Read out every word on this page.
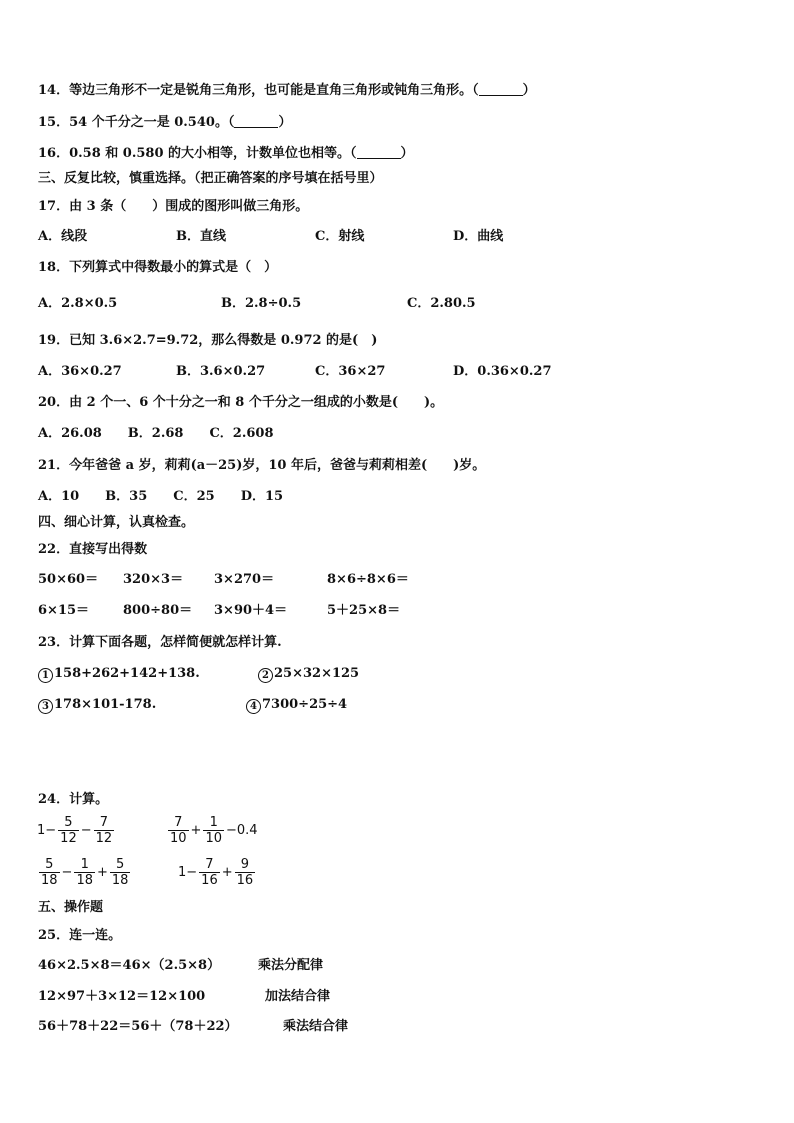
14．等边三角形不一定是锐角三角形，也可能是直角三角形或钝角三角形。（	）
15．54 个千分之一是 0.540。（	）
16．0.58 和 0.580 的大小相等，计数单位也相等。（	）
三、反复比较，慎重选择。（把正确答案的序号填在括号里）
17．由 3 条（　　）围成的图形叫做三角形。
A．线段	B．直线	C．射线	D．曲线
18．下列算式中得数最小的算式是（　）
A．2.8×0.5	B．2.8÷0.5	C．2.80.5
19．已知 3.6×2.7=9.72，那么得数是 0.972 的是(　)
A．36×0.27	B．3.6×0.27	C．36×27	D．0.36×0.27
20．由 2 个一、6 个十分之一和 8 个千分之一组成的小数是(　　)。
A．26.08　　B．2.68　　C．2.608
21．今年爸爸 a 岁，莉莉(a－25)岁，10 年后，爸爸与莉莉相差(　　)岁。
A．10　　B．35　　C．25　　D．15
四、细心计算，认真检查。
22．直接写出得数
50×60＝ 320×3＝ 3×270＝	8×6÷8×6＝
6×15＝	800÷80＝ 3×90＋4＝	5＋25×8＝
23．计算下面各题，怎样简便就怎样计算.
1 158+262+142+138.	2 25×32×125
3 178×101-178.	4 7300÷25÷4
24．计算。
$1- \frac{5}{12} - \frac{7}{12}$	$\frac{7}{10} + \frac{1}{10} -0.4$
$\frac{5}{18} - \frac{1}{18} + \frac{5}{18}$	$1- \frac{7}{16} + \frac{9}{16}$
五、操作题
25．连一连。
46×2.5×8＝46×（2.5×8）	乘法分配律
12×97＋3×12＝12×100	加法结合律
56＋78＋22＝56＋（78＋22）	乘法结合律
